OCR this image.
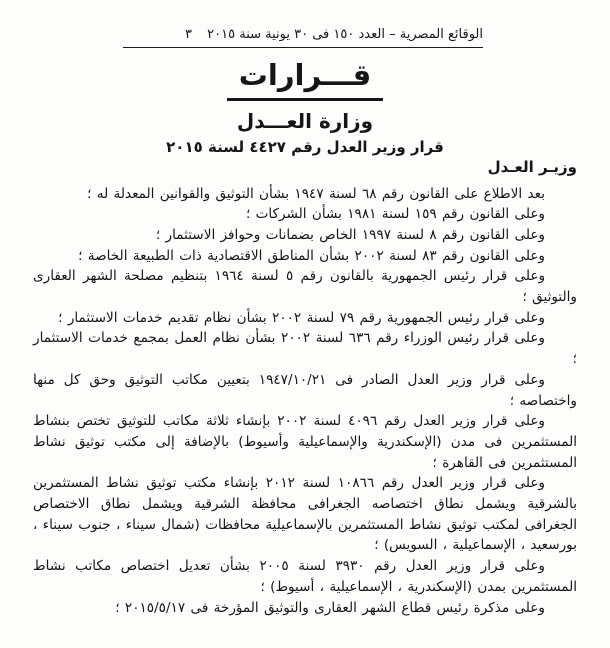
الوقائع المصرية – العدد ١٥٠ فى ٣٠ يونية سنة ٢٠١٥
٣
قـــرارات
وزارة العـــدل
قرار وزير العدل رقم ٤٤٢٧ لسنة ٢٠١٥
وزيـر العـدل

بعد الاطلاع على القانون رقم ٦٨ لسنة ١٩٤٧ بشأن التوثيق والقوانين المعدلة له ؛

وعلى القانون رقم ١٥٩ لسنة ١٩٨١ بشأن الشركات ؛

وعلى القانون رقم ٨ لسنة ١٩٩٧ الخاص بضمانات وحوافز الاستثمار ؛

وعلى القانون رقم ٨٣ لسنة ٢٠٠٢ بشأن المناطق الاقتصادية ذات الطبيعة الخاصة ؛

وعلى قرار رئيس الجمهورية بالقانون رقم ٥ لسنة ١٩٦٤ بتنظيم مصلحة الشهر العقارى والتوثيق ؛

وعلى قرار رئيس الجمهورية رقم ٧٩ لسنة ٢٠٠٢ بشأن نظام تقديم خدمات الاستثمار ؛

وعلى قرار رئيس الوزراء رقم ٦٣٦ لسنة ٢٠٠٢ بشأن نظام العمل بمجمع خدمات الاستثمار ؛

وعلى قرار وزير العدل الصادر فى ١٩٤٧/١٠/٢١ بتعيين مكاتب التوثيق وحق كل منها واختصاصه ؛

وعلى قرار وزير العدل رقم ٤٠٩٦ لسنة ٢٠٠٢ بإنشاء ثلاثة مكاتب للتوثيق تختص بنشاط المستثمرين فى مدن (الإسكندرية والإسماعيلية وأسيوط) بالإضافة إلى مكتب توثيق نشاط المستثمرين فى القاهرة ؛

وعلى قرار وزير العدل رقم ١٠٨٦٦ لسنة ٢٠١٢ بإنشاء مكتب توثيق نشاط المستثمرين بالشرقية ويشمل نطاق اختصاصه الجغرافى محافظة الشرقية ويشمل نطاق الاختصاص الجغرافى لمكتب توثيق نشاط المستثمرين بالإسماعيلية محافظات (شمال سيناء ، جنوب سيناء ، بورسعيد ، الإسماعيلية ، السويس) ؛

وعلى قرار وزير العدل رقم ٣٩٣٠ لسنة ٢٠٠٥ بشأن تعديل اختصاص مكاتب نشاط المستثمرين بمدن (الإسكندرية ، الإسماعيلية ، أسيوط) ؛

وعلى مذكرة رئيس قطاع الشهر العقارى والتوثيق المؤرخة فى ٢٠١٥/٥/١٧ ؛
